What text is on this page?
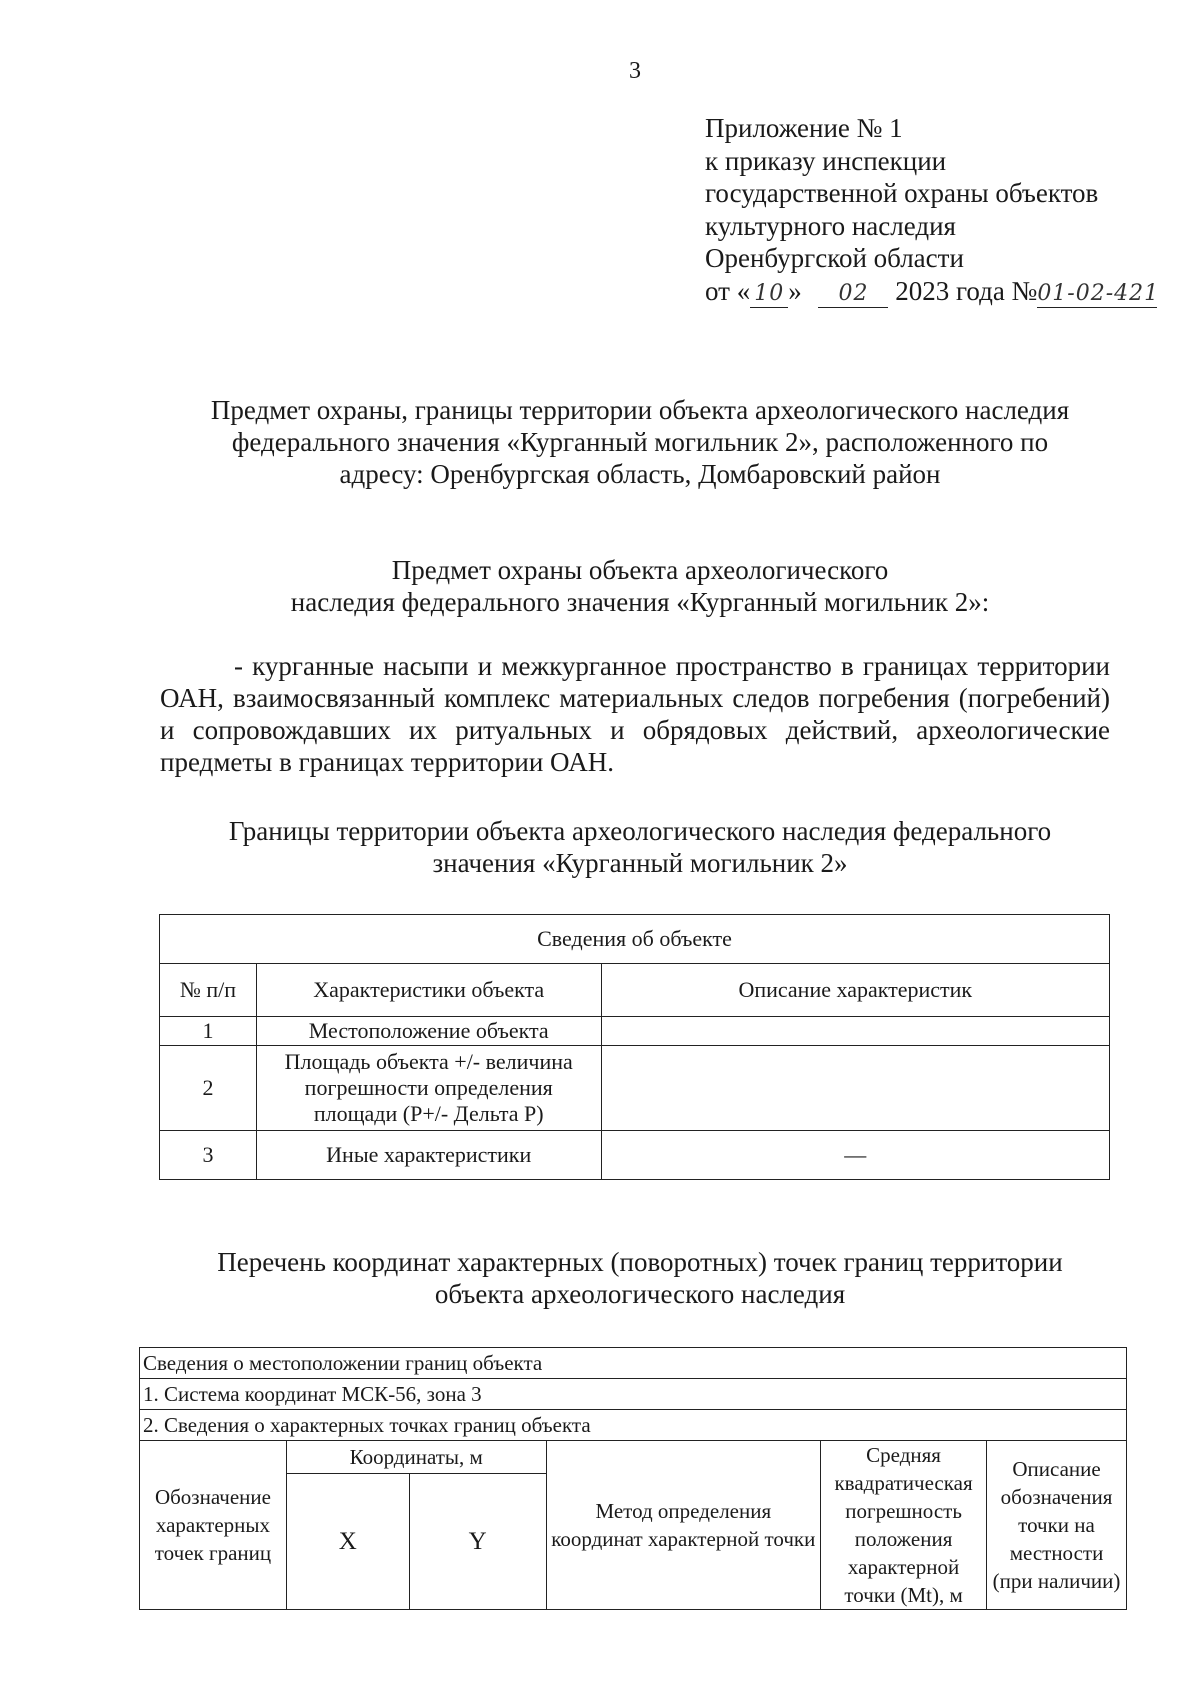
3
Приложение № 1
к приказу инспекции
государственной охраны объектов
культурного наследия
Оренбургской области
от « 10 » 02 2023 года №01-02-421
Предмет охраны, границы территории объекта археологического наследия
федерального значения «Курганный могильник 2», расположенного по
адресу: Оренбургская область, Домбаровский район
Предмет охраны объекта археологического
наследия федерального значения «Курганный могильник 2»:
- курганные насыпи и межкурганное пространство в границах территории ОАН, взаимосвязанный комплекс материальных следов погребения (погребений) и сопровождавших их ритуальных и обрядовых действий, археологические предметы в границах территории ОАН.
Границы территории объекта археологического наследия федерального
значения «Курганный могильник 2»
Сведения об объекте		
№ п/п	Характеристики объекта	Описание характеристик
1	Местоположение объекта	
2	Площадь объекта +/- величина погрешности определения площади (Р+/- Дельта Р)	
3	Иные характеристики	—
Перечень координат характерных (поворотных) точек границ территории
объекта археологического наследия
Сведения о местоположении границ объекта					
1. Система координат МСК-56, зона 3					
2. Сведения о характерных точках границ объекта					
Обозначение характерных точек границ	Координаты, м		Метод определения координат характерной точки	Средняя квадратическая погрешность положения характерной точки (Mt), м	Описание обозначения точки на местности (при наличии)
	X	Y			
